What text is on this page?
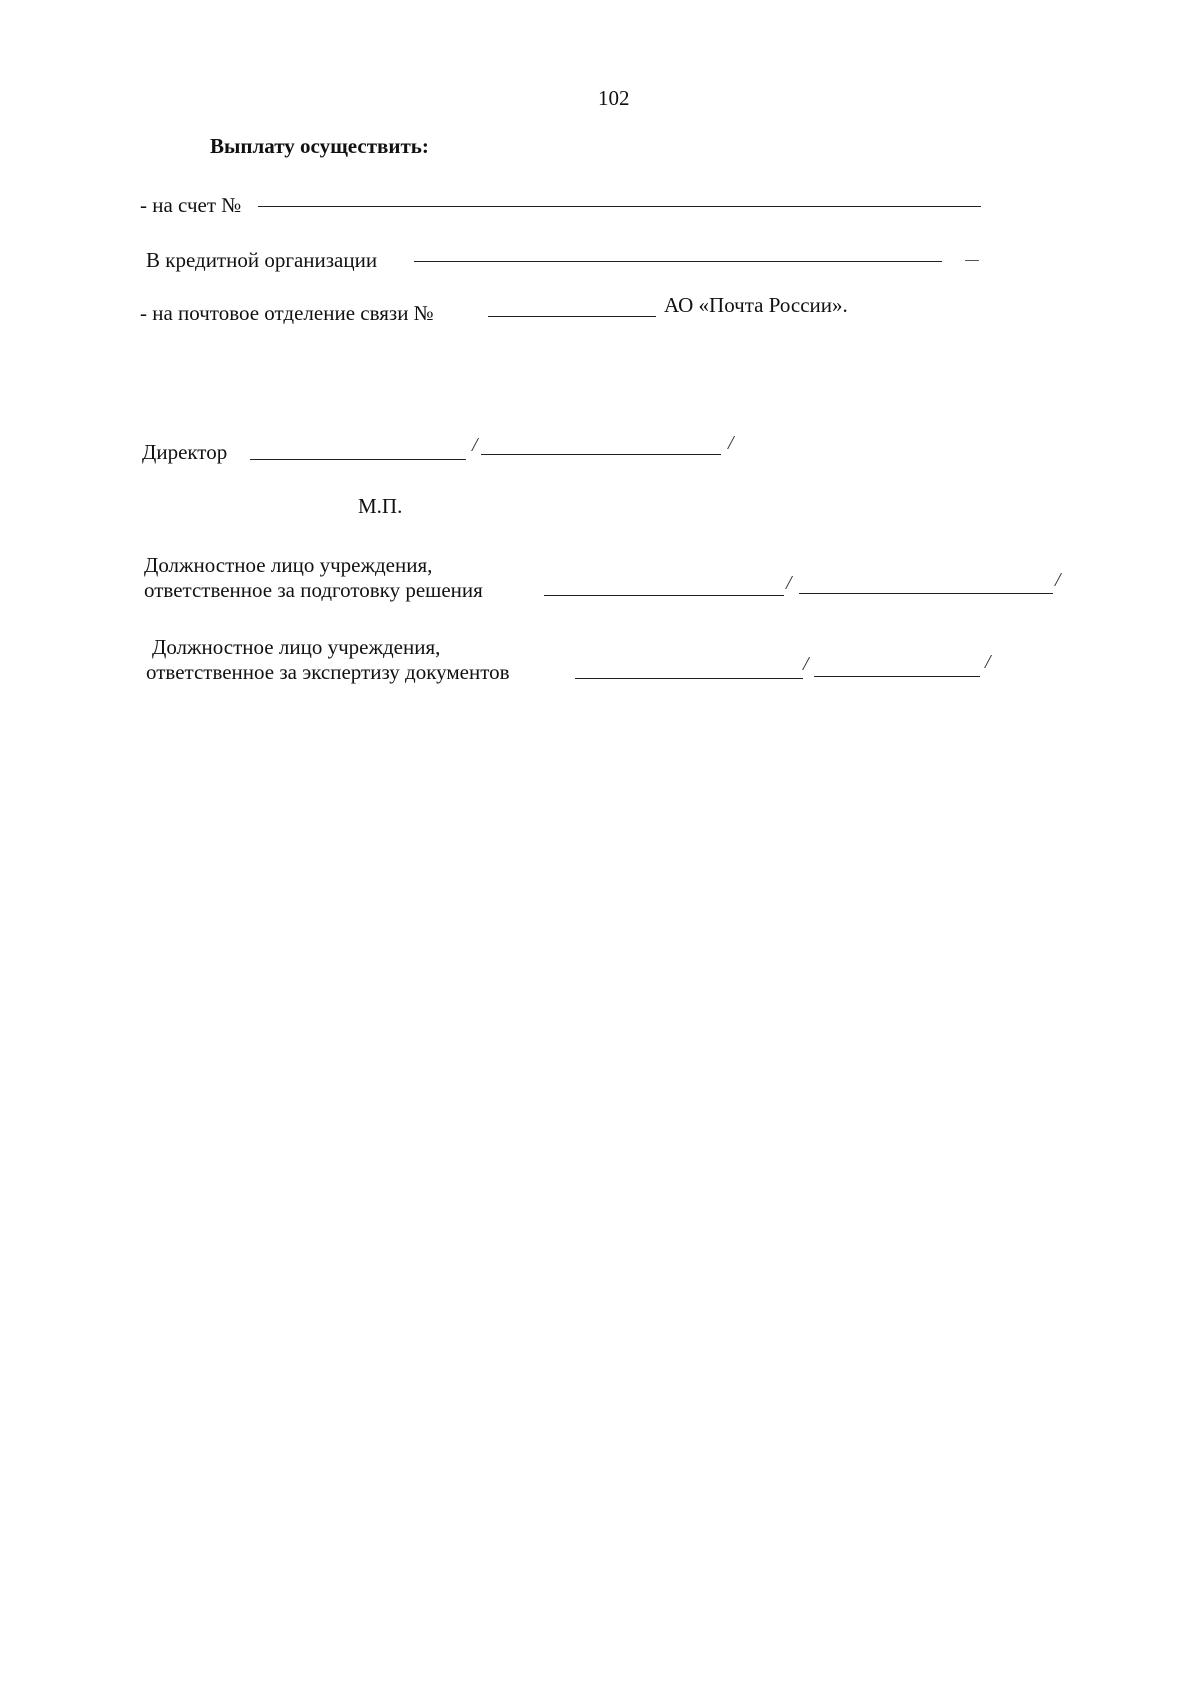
102
Выплату осуществить:
- на счет №
В кредитной организации
- на почтовое отделение связи №	АО «Почта России».
Директор	/	/
М.П.
Должностное лицо учреждения,
ответственное за подготовку решения	/	/
Должностное лицо учреждения,
ответственное за экспертизу документов	/	/
